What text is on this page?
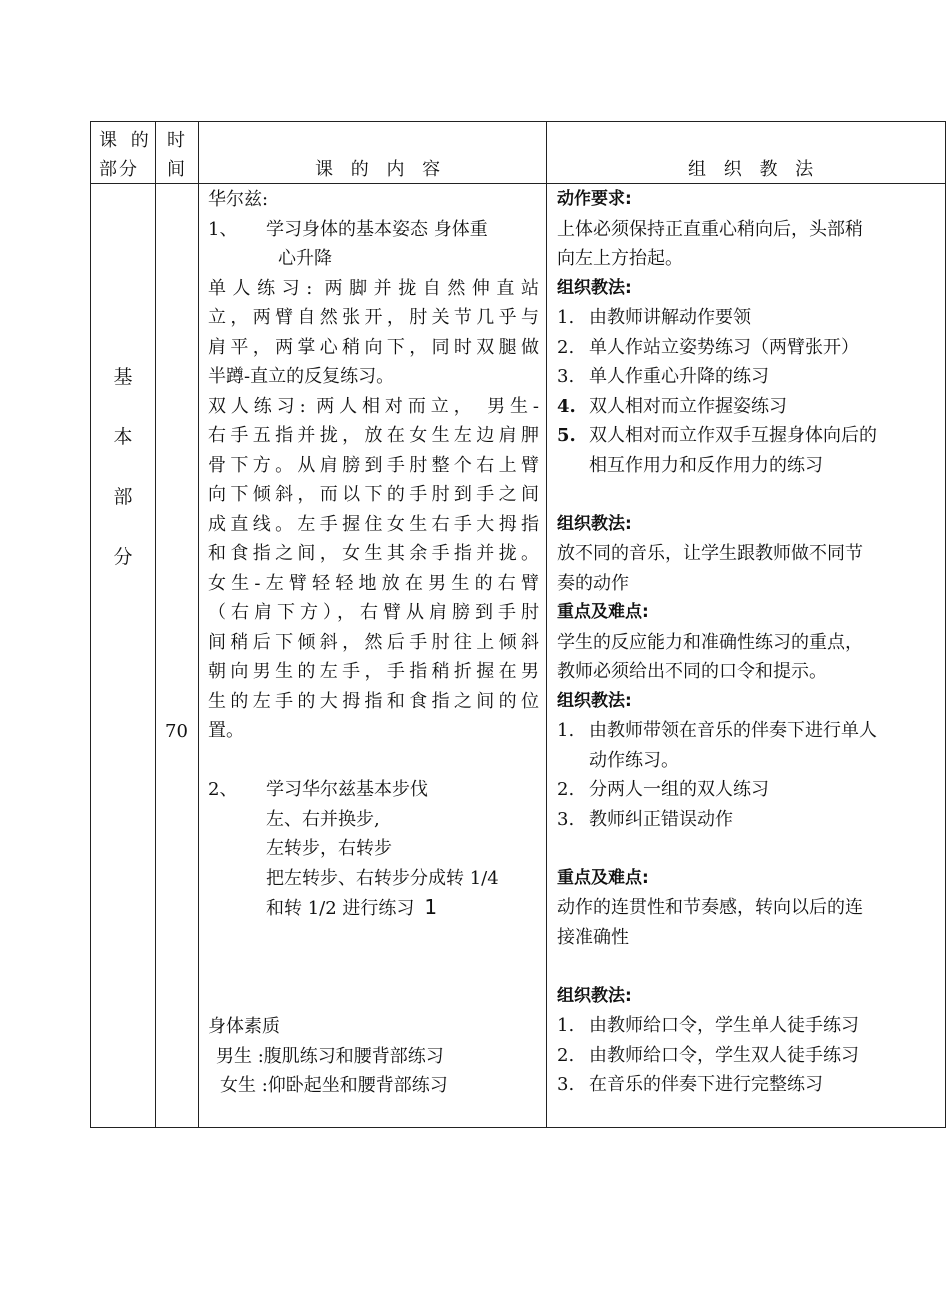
课 的
部分
时
间	课 的 内 容	组 织 教 法
基
本
部
分
70
华尔兹:
1、 学习身体的基本姿态 身体重
心升降
单人练习: 两脚并拢自然伸直站
立，两臂自然张开，肘关节几乎与
肩平，两掌心稍向下，同时双腿做
半蹲-直立的反复练习。
双人练习: 两人相对而立， 男生-
右手五指并拢，放在女生左边肩胛
骨下方。从肩膀到手肘整个右上臂
向下倾斜，而以下的手肘到手之间
成直线。左手握住女生右手大拇指
和食指之间，女生其余手指并拢。
女生-左臂轻轻地放在男生的右臂
（右肩下方），右臂从肩膀到手肘
间稍后下倾斜，然后手肘往上倾斜
朝向男生的左手，手指稍折握在男
生的左手的大拇指和食指之间的位
置。
2、 学习华尔兹基本步伐
左、右并换步,
左转步，右转步
把左转步、右转步分成转 1/4
和转 1/2 进行练习 1
身体素质
男生 :腹肌练习和腰背部练习
女生 :仰卧起坐和腰背部练习
动作要求:
上体必须保持正直重心稍向后，头部稍
向左上方抬起。
组织教法:
1. 由教师讲解动作要领
2. 单人作站立姿势练习（两臂张开）
3. 单人作重心升降的练习
4. 双人相对而立作握姿练习
5. 双人相对而立作双手互握身体向后的
相互作用力和反作用力的练习
组织教法:
放不同的音乐，让学生跟教师做不同节
奏的动作
重点及难点:
学生的反应能力和准确性练习的重点，
教师必须给出不同的口令和提示。
组织教法:
1. 由教师带领在音乐的伴奏下进行单人
动作练习。
2. 分两人一组的双人练习
3. 教师纠正错误动作
重点及难点:
动作的连贯性和节奏感，转向以后的连
接准确性
组织教法:
1. 由教师给口令，学生单人徒手练习
2. 由教师给口令，学生双人徒手练习
3. 在音乐的伴奏下进行完整练习
